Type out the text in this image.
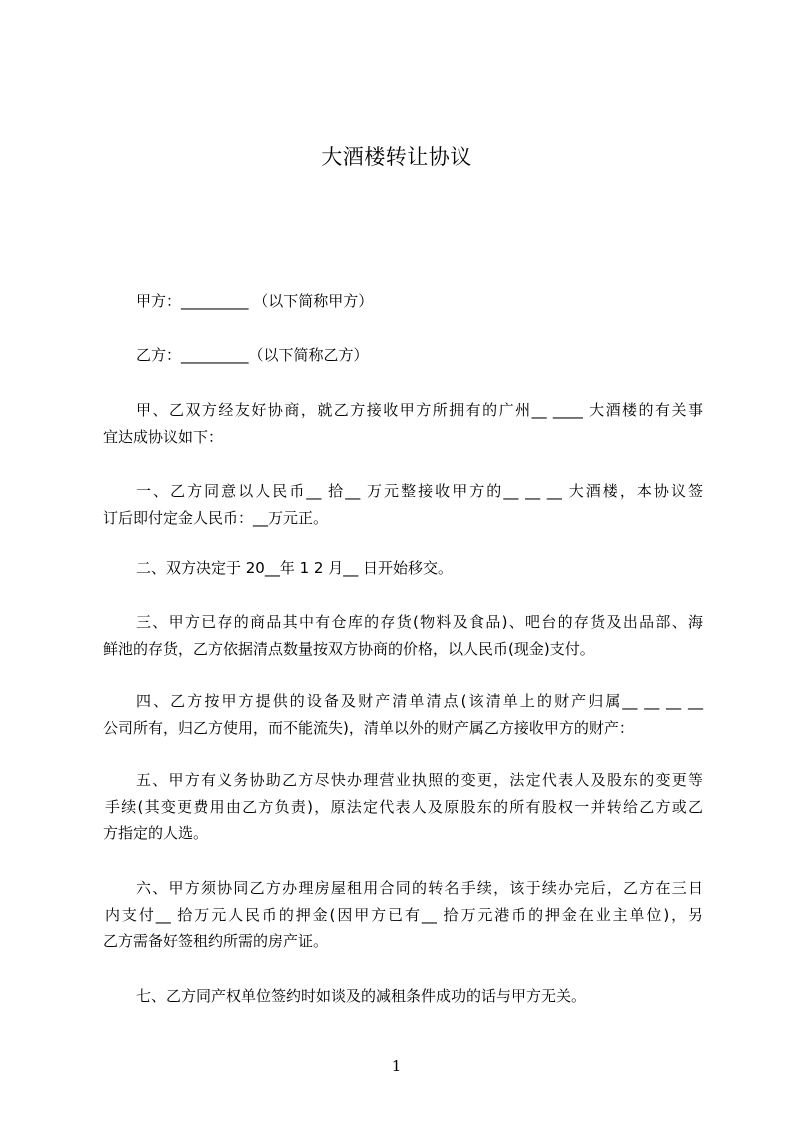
大酒楼转让协议
甲方：_________ （以下简称甲方）
乙方：_________（以下简称乙方）
甲、乙双方经友好协商，就乙方接收甲方所拥有的广州__ ____ 大酒楼的有关事
宜达成协议如下：
一、乙方同意以人民币__ 拾__ 万元整接收甲方的__ __ __ 大酒楼，本协议签
订后即付定金人民币：__万元正。
二、双方决定于 20__年 1 2 月__ 日开始移交。
三、甲方已存的商品其中有仓库的存货(物料及食品)、吧台的存货及出品部、海
鲜池的存货，乙方依据清点数量按双方协商的价格，以人民币(现金)支付。
四、乙方按甲方提供的设备及财产清单清点(该清单上的财产归属__ __ __ __
公司所有，归乙方使用，而不能流失)，清单以外的财产属乙方接收甲方的财产：
五、甲方有义务协助乙方尽快办理营业执照的变更，法定代表人及股东的变更等
手续(其变更费用由乙方负责)，原法定代表人及原股东的所有股权一并转给乙方或乙
方指定的人选。
六、甲方须协同乙方办理房屋租用合同的转名手续，该于续办完后，乙方在三日
内支付__ 拾万元人民币的押金(因甲方已有__ 拾万元港币的押金在业主单位)，另
乙方需备好签租约所需的房产证。
七、乙方同产权单位签约时如谈及的减租条件成功的话与甲方无关。
1
